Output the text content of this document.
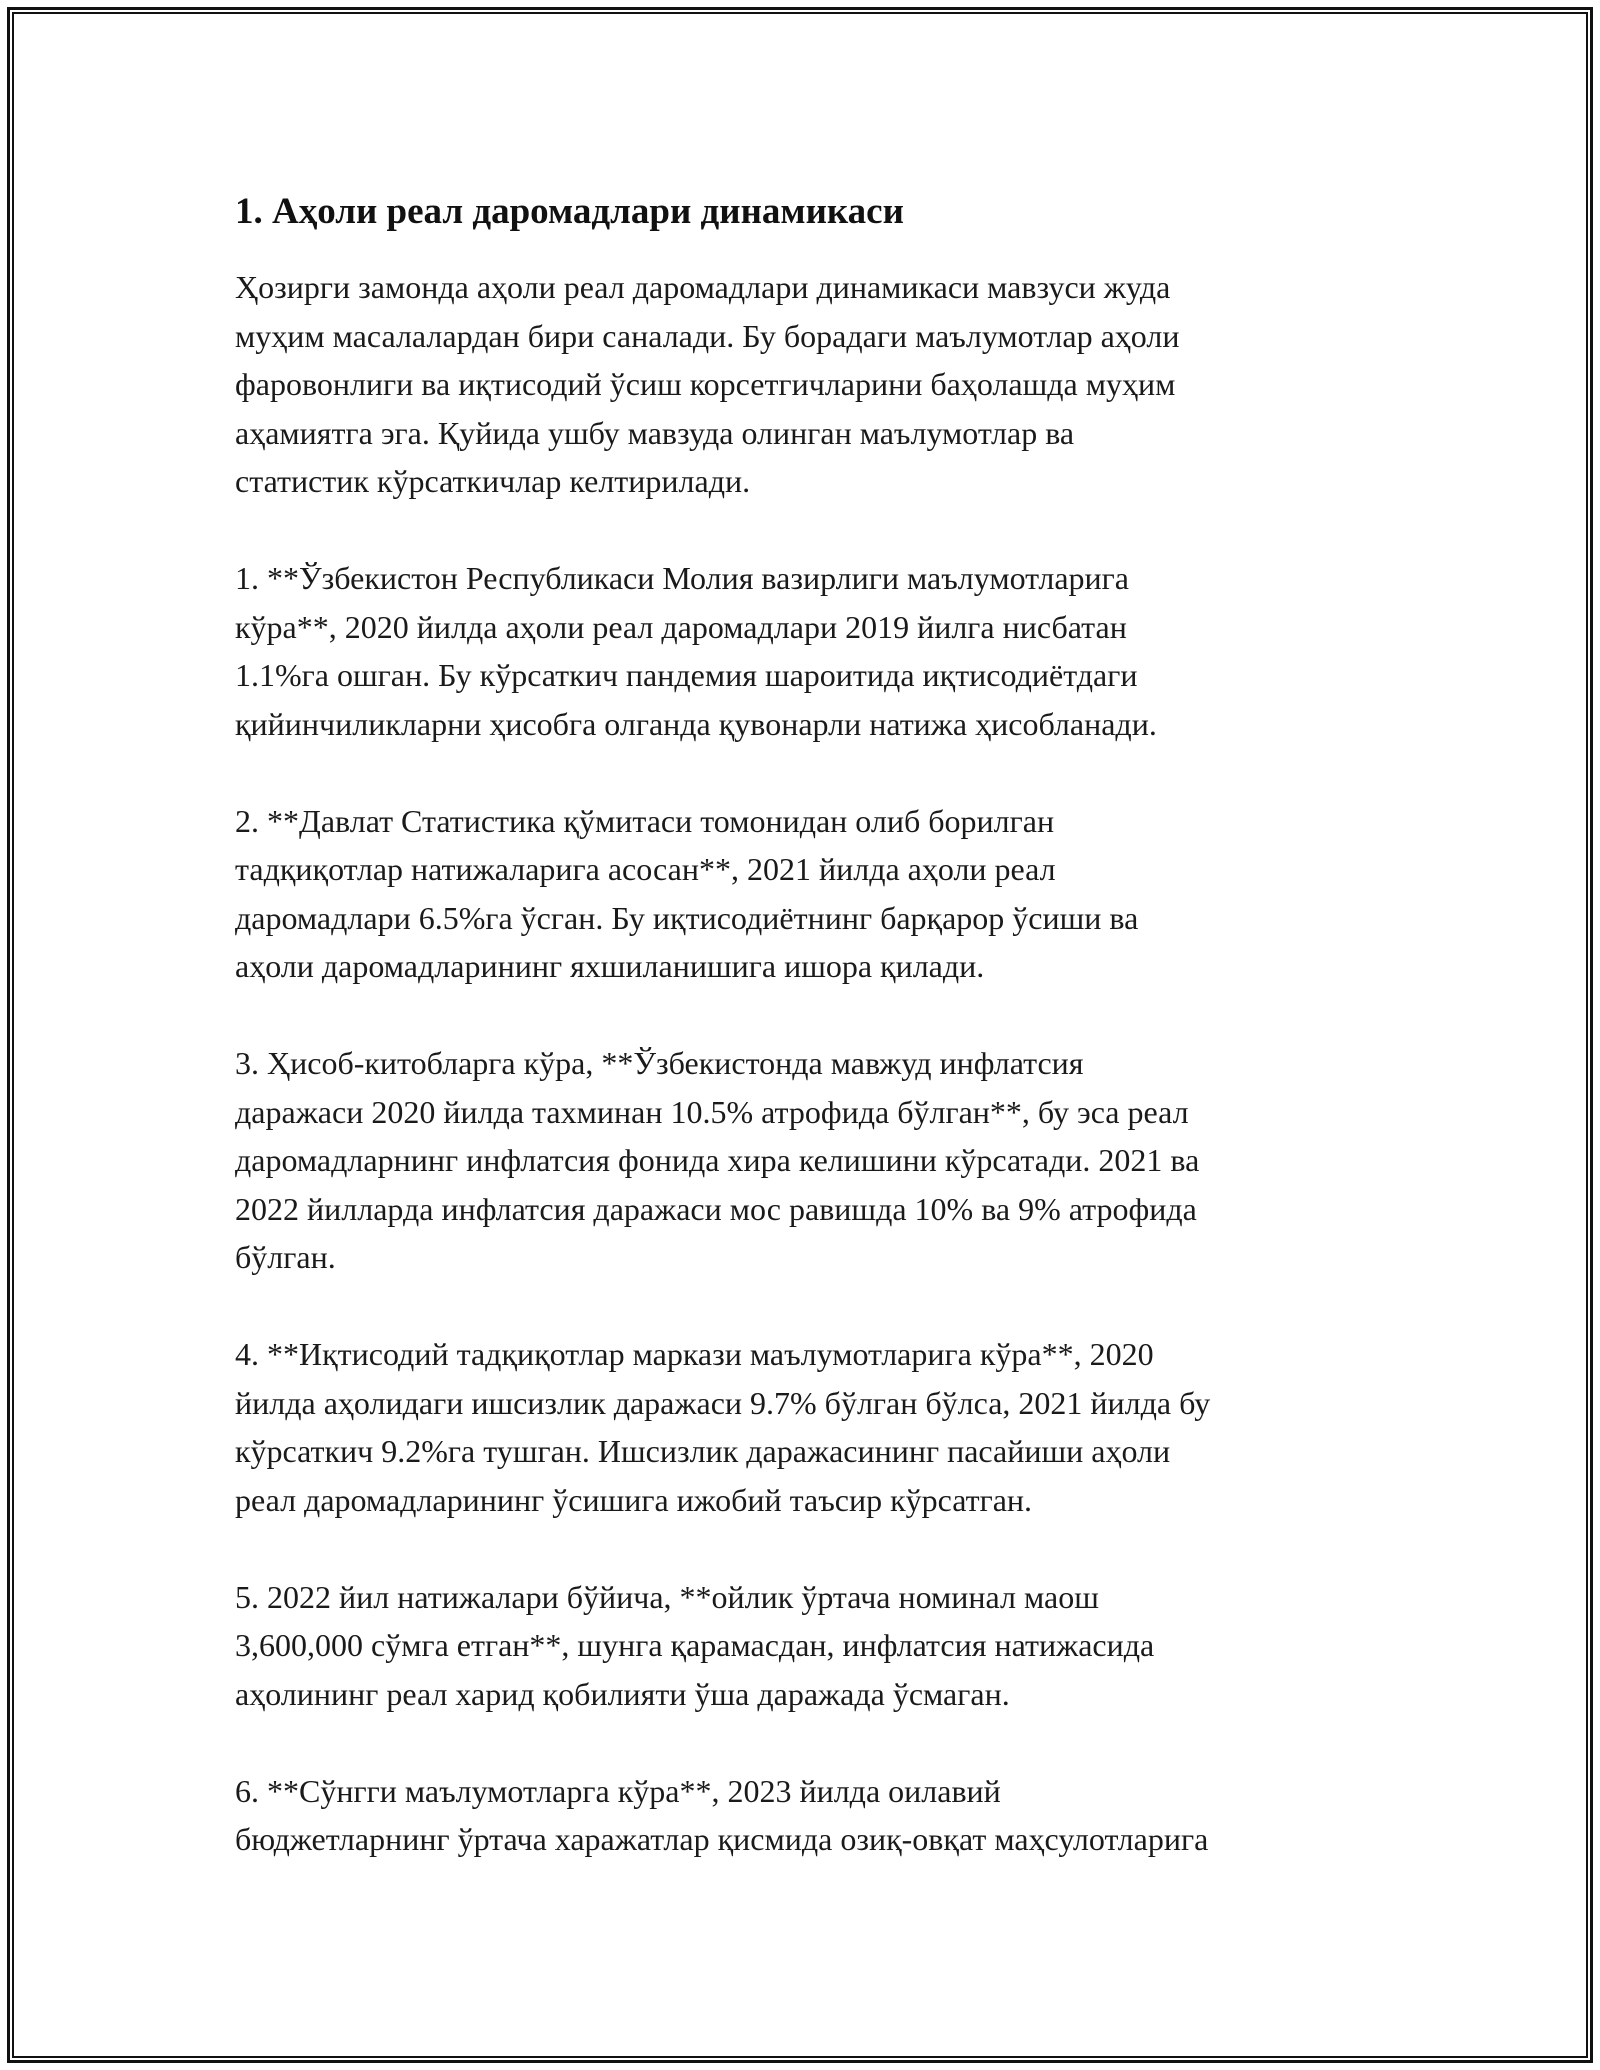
1. Аҳоли реал даромадлари динамикаси

Ҳозирги замонда аҳоли реал даромадлари динамикаси мавзуси жуда
муҳим масалалардан бири саналади. Бу борадаги маълумотлар аҳоли
фаровонлиги ва иқтисодий ўсиш корсетгичларини баҳолашда муҳим
аҳамиятга эга. Қуйида ушбу мавзуда олинган маълумотлар ва
статистик кўрсаткичлар келтирилади.

1. **Ўзбекистон Республикаси Молия вазирлиги маълумотларига
кўра**, 2020 йилда аҳоли реал даромадлари 2019 йилга нисбатан
1.1%га ошган. Бу кўрсаткич пандемия шароитида иқтисодиётдаги
қийинчиликларни ҳисобга олганда қувонарли натижа ҳисобланади.

2. **Давлат Статистика қўмитаси томонидан олиб борилган
тадқиқотлар натижаларига асосан**, 2021 йилда аҳоли реал
даромадлари 6.5%га ўсган. Бу иқтисодиётнинг барқарор ўсиши ва
аҳоли даромадларининг яхшиланишига ишора қилади.

3. Ҳисоб-китобларга кўра, **Ўзбекистонда мавжуд инфлатсия
даражаси 2020 йилда тахминан 10.5% атрофида бўлган**, бу эса реал
даромадларнинг инфлатсия фонида хира келишини кўрсатади. 2021 ва
2022 йилларда инфлатсия даражаси мос равишда 10% ва 9% атрофида
бўлган.

4. **Иқтисодий тадқиқотлар маркази маълумотларига кўра**, 2020
йилда аҳолидаги ишсизлик даражаси 9.7% бўлган бўлса, 2021 йилда бу
кўрсаткич 9.2%га тушган. Ишсизлик даражасининг пасайиши аҳоли
реал даромадларининг ўсишига ижобий таъсир кўрсатган.

5. 2022 йил натижалари бўйича, **ойлик ўртача номинал маош
3,600,000 сўмга етган**, шунга қарамасдан, инфлатсия натижасида
аҳолининг реал харид қобилияти ўша даражада ўсмаган.

6. **Сўнгги маълумотларга кўра**, 2023 йилда оилавий
бюджетларнинг ўртача харажатлар қисмида озиқ-овқат маҳсулотларига
